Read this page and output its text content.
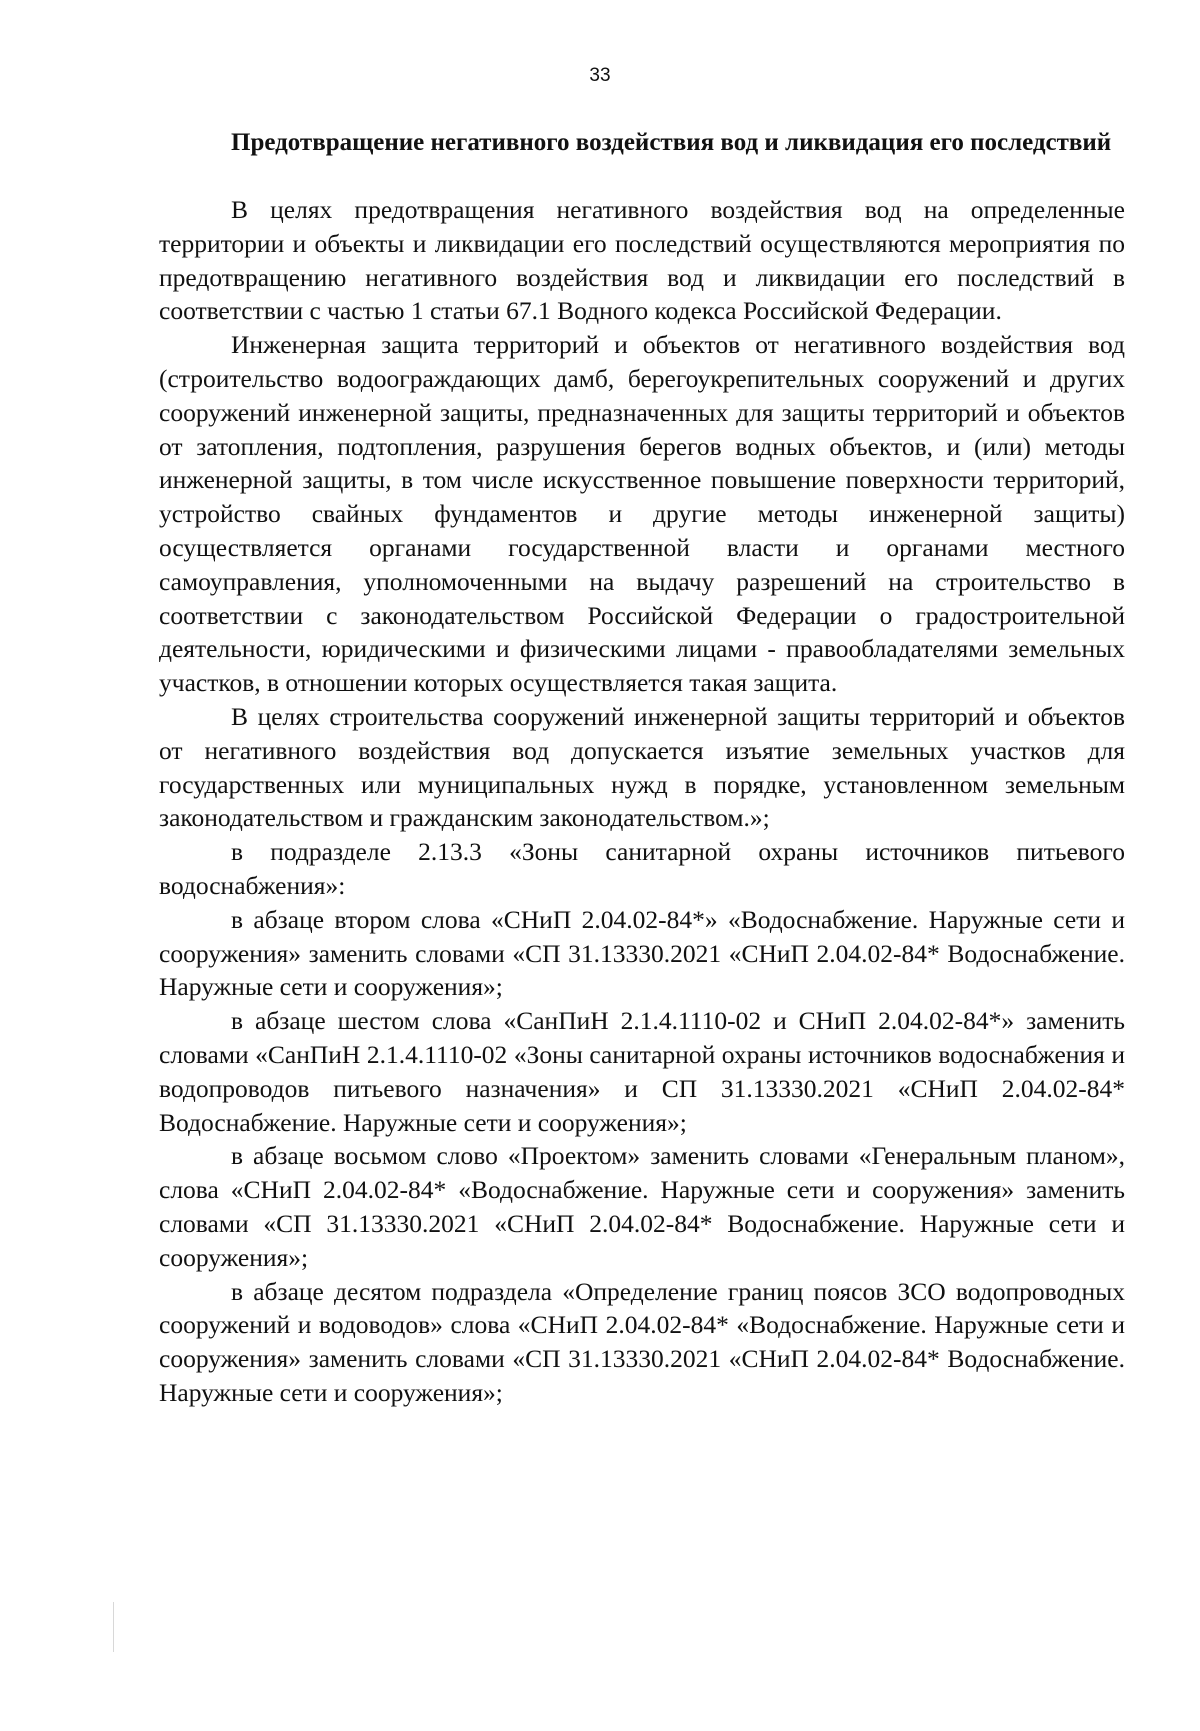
33

Предотвращение негативного воздействия вод и ликвидация его последствий

В целях предотвращения негативного воздействия вод на определенные территории и объекты и ликвидации его последствий осуществляются мероприятия по предотвращению негативного воздействия вод и ликвидации его последствий в соответствии с частью 1 статьи 67.1 Водного кодекса Российской Федерации.

Инженерная защита территорий и объектов от негативного воздействия вод (строительство водоограждающих дамб, берегоукрепительных сооружений и других сооружений инженерной защиты, предназначенных для защиты территорий и объектов от затопления, подтопления, разрушения берегов водных объектов, и (или) методы инженерной защиты, в том числе искусственное повышение поверхности территорий, устройство свайных фундаментов и другие методы инженерной защиты) осуществляется органами государственной власти и органами местного самоуправления, уполномоченными на выдачу разрешений на строительство в соответствии с законодательством Российской Федерации о градостроительной деятельности, юридическими и физическими лицами - правообладателями земельных участков, в отношении которых осуществляется такая защита.

В целях строительства сооружений инженерной защиты территорий и объектов от негативного воздействия вод допускается изъятие земельных участков для государственных или муниципальных нужд в порядке, установленном земельным законодательством и гражданским законодательством.»;

в подразделе 2.13.3 «Зоны санитарной охраны источников питьевого водоснабжения»:

в абзаце втором слова «СНиП 2.04.02-84*» «Водоснабжение. Наружные сети и сооружения» заменить словами «СП 31.13330.2021 «СНиП 2.04.02-84* Водоснабжение. Наружные сети и сооружения»;

в абзаце шестом слова «СанПиН 2.1.4.1110-02 и СНиП 2.04.02-84*» заменить словами «СанПиН 2.1.4.1110-02 «Зоны санитарной охраны источников водоснабжения и водопроводов питьевого назначения» и СП 31.13330.2021 «СНиП 2.04.02-84* Водоснабжение. Наружные сети и сооружения»;

в абзаце восьмом слово «Проектом» заменить словами «Генеральным планом», слова «СНиП 2.04.02-84* «Водоснабжение. Наружные сети и сооружения» заменить словами «СП 31.13330.2021 «СНиП 2.04.02-84* Водоснабжение. Наружные сети и сооружения»;

в абзаце десятом подраздела «Определение границ поясов ЗСО водопроводных сооружений и водоводов» слова «СНиП 2.04.02-84* «Водоснабжение. Наружные сети и сооружения» заменить словами «СП 31.13330.2021 «СНиП 2.04.02-84* Водоснабжение. Наружные сети и сооружения»;
